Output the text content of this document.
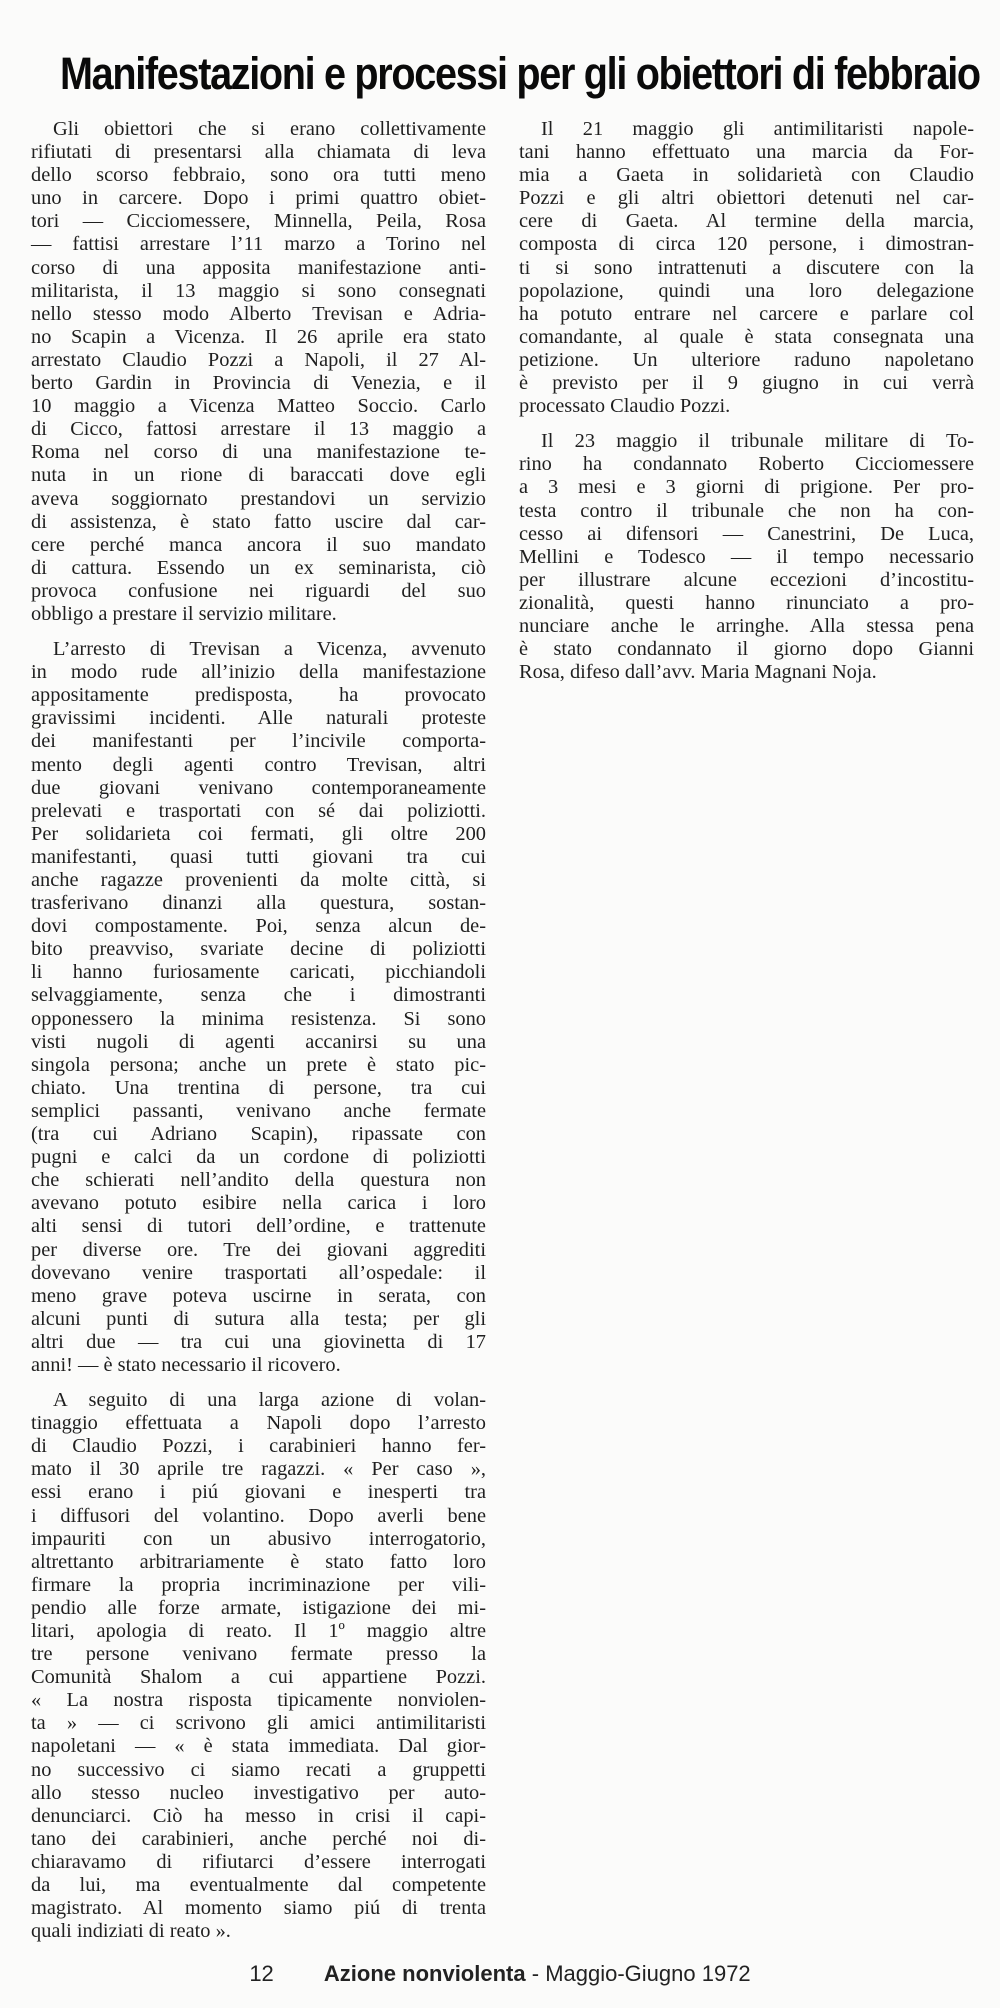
Manifestazioni e processi per gli obiettori di febbraio
Gli obiettori che si erano collettivamente
rifiutati di presentarsi alla chiamata di leva
dello scorso febbraio, sono ora tutti meno
uno in carcere. Dopo i primi quattro obiet-
tori — Cicciomessere, Minnella, Peila, Rosa
— fattisi arrestare l’11 marzo a Torino nel
corso di una apposita manifestazione anti-
militarista, il 13 maggio si sono consegnati
nello stesso modo Alberto Trevisan e Adria-
no Scapin a Vicenza. Il 26 aprile era stato
arrestato Claudio Pozzi a Napoli, il 27 Al-
berto Gardin in Provincia di Venezia, e il
10 maggio a Vicenza Matteo Soccio. Carlo
di Cicco, fattosi arrestare il 13 maggio a
Roma nel corso di una manifestazione te-
nuta in un rione di baraccati dove egli
aveva soggiornato prestandovi un servizio
di assistenza, è stato fatto uscire dal car-
cere perché manca ancora il suo mandato
di cattura. Essendo un ex seminarista, ciò
provoca confusione nei riguardi del suo
obbligo a prestare il servizio militare.
L’arresto di Trevisan a Vicenza, avvenuto
in modo rude all’inizio della manifestazione
appositamente predisposta, ha provocato
gravissimi incidenti. Alle naturali proteste
dei manifestanti per l’incivile comporta-
mento degli agenti contro Trevisan, altri
due giovani venivano contemporaneamente
prelevati e trasportati con sé dai poliziotti.
Per solidarieta coi fermati, gli oltre 200
manifestanti, quasi tutti giovani tra cui
anche ragazze provenienti da molte città, si
trasferivano dinanzi alla questura, sostan-
dovi compostamente. Poi, senza alcun de-
bito preavviso, svariate decine di poliziotti
li hanno furiosamente caricati, picchiandoli
selvaggiamente, senza che i dimostranti
opponessero la minima resistenza. Si sono
visti nugoli di agenti accanirsi su una
singola persona; anche un prete è stato pic-
chiato. Una trentina di persone, tra cui
semplici passanti, venivano anche fermate
(tra cui Adriano Scapin), ripassate con
pugni e calci da un cordone di poliziotti
che schierati nell’andito della questura non
avevano potuto esibire nella carica i loro
alti sensi di tutori dell’ordine, e trattenute
per diverse ore. Tre dei giovani aggrediti
dovevano venire trasportati all’ospedale: il
meno grave poteva uscirne in serata, con
alcuni punti di sutura alla testa; per gli
altri due — tra cui una giovinetta di 17
anni! — è stato necessario il ricovero.
A seguito di una larga azione di volan-
tinaggio effettuata a Napoli dopo l’arresto
di Claudio Pozzi, i carabinieri hanno fer-
mato il 30 aprile tre ragazzi. « Per caso »,
essi erano i piú giovani e inesperti tra
i diffusori del volantino. Dopo averli bene
impauriti con un abusivo interrogatorio,
altrettanto arbitrariamente è stato fatto loro
firmare la propria incriminazione per vili-
pendio alle forze armate, istigazione dei mi-
litari, apologia di reato. Il 1º maggio altre
tre persone venivano fermate presso la
Comunità Shalom a cui appartiene Pozzi.
« La nostra risposta tipicamente nonviolen-
ta » — ci scrivono gli amici antimilitaristi
napoletani — « è stata immediata. Dal gior-
no successivo ci siamo recati a gruppetti
allo stesso nucleo investigativo per auto-
denunciarci. Ciò ha messo in crisi il capi-
tano dei carabinieri, anche perché noi di-
chiaravamo di rifiutarci d’essere interrogati
da lui, ma eventualmente dal competente
magistrato. Al momento siamo piú di trenta
quali indiziati di reato ».
Il 21 maggio gli antimilitaristi napole-
tani hanno effettuato una marcia da For-
mia a Gaeta in solidarietà con Claudio
Pozzi e gli altri obiettori detenuti nel car-
cere di Gaeta. Al termine della marcia,
composta di circa 120 persone, i dimostran-
ti si sono intrattenuti a discutere con la
popolazione, quindi una loro delegazione
ha potuto entrare nel carcere e parlare col
comandante, al quale è stata consegnata una
petizione. Un ulteriore raduno napoletano
è previsto per il 9 giugno in cui verrà
processato Claudio Pozzi.
Il 23 maggio il tribunale militare di To-
rino ha condannato Roberto Cicciomessere
a 3 mesi e 3 giorni di prigione. Per pro-
testa contro il tribunale che non ha con-
cesso ai difensori — Canestrini, De Luca,
Mellini e Todesco — il tempo necessario
per illustrare alcune eccezioni d’incostitu-
zionalità, questi hanno rinunciato a pro-
nunciare anche le arringhe. Alla stessa pena
è stato condannato il giorno dopo Gianni
Rosa, difeso dall’avv. Maria Magnani Noja.
12 Azione nonviolenta - Maggio-Giugno 1972
